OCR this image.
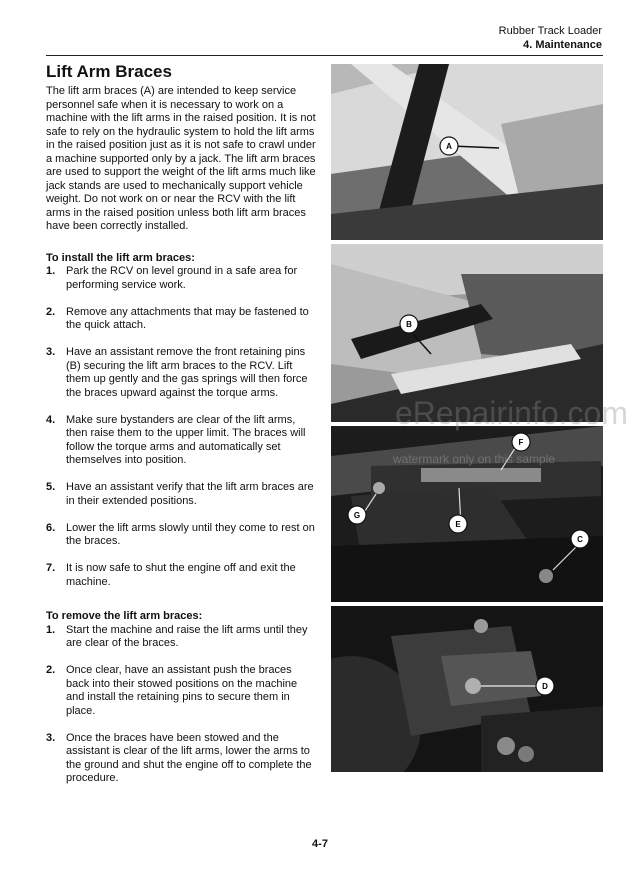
Rubber Track Loader
4. Maintenance
Lift Arm Braces

The lift arm braces (A) are intended to keep service personnel safe when it is necessary to work on a machine with the lift arms in the raised position. It is not safe to rely on the hydraulic system to hold the lift arms in the raised position just as it is not safe to crawl under a machine supported only by a jack. The lift arm braces are used to support the weight of the lift arms much like jack stands are used to mechanically support vehicle weight. Do not work on or near the RCV with the lift arms in the raised position unless both lift arm braces have been correctly installed.

To install the lift arm braces:
1. Park the RCV on level ground in a safe area for performing service work.
2. Remove any attachments that may be fastened to the quick attach.
3. Have an assistant remove the front retaining pins (B) securing the lift arm braces to the RCV. Lift them up gently and the gas springs will then force the braces upward against the torque arms.
4. Make sure bystanders are clear of the lift arms, then raise them to the upper limit. The braces will follow the torque arms and automatically set themselves into position.
5. Have an assistant verify that the lift arm braces are in their extended positions.
6. Lower the lift arms slowly until they come to rest on the braces.
7. It is now safe to shut the engine off and exit the machine.
To remove the lift arm braces:
1. Start the machine and raise the lift arms until they are clear of the braces.
2. Once clear, have an assistant push the braces back into their stowed positions on the machine and install the retaining pins to secure them in place.
3. Once the braces have been stowed and the assistant is clear of the lift arms, lower the arms to the ground and shut the engine off to complete the procedure.
A
B
F
E
G
C
D
eRepairinfo.com
watermark only on this sample
4-7
